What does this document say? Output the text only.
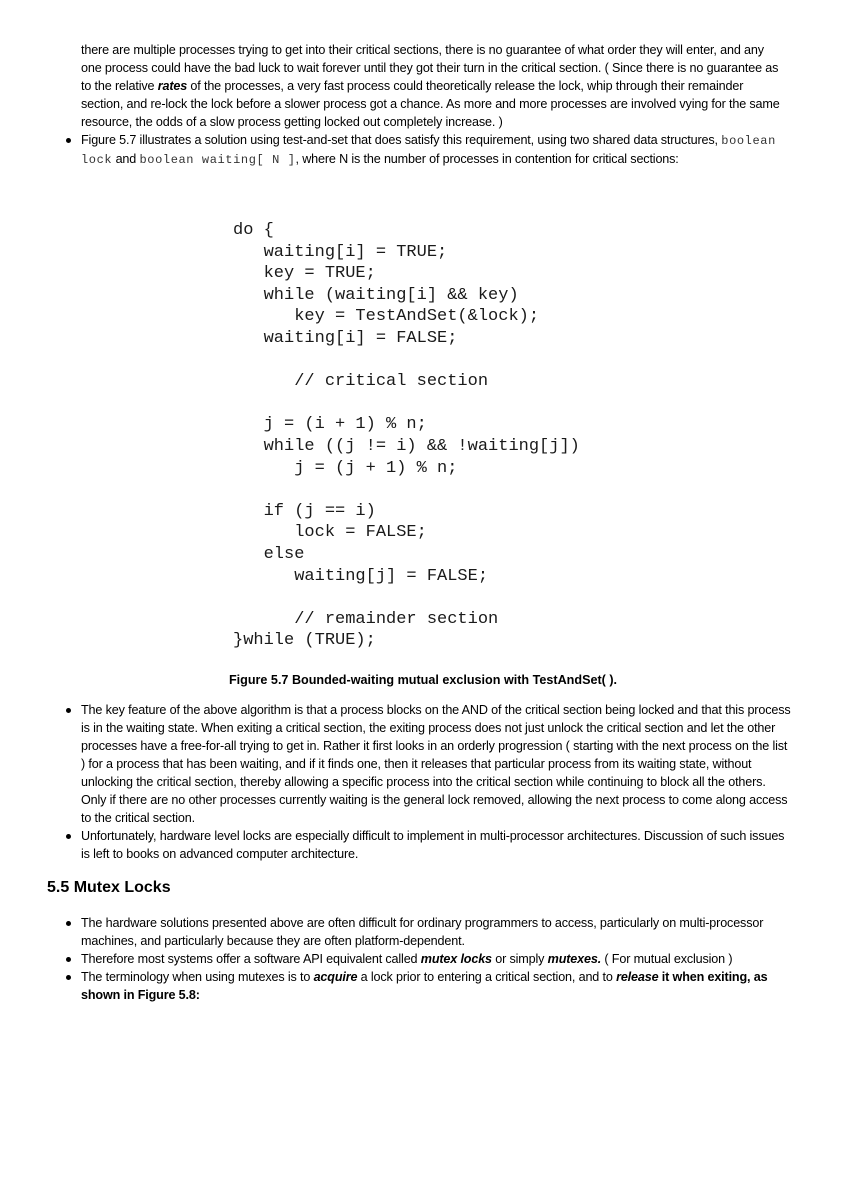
there are multiple processes trying to get into their critical sections, there is no guarantee of what order they will enter, and any one process could have the bad luck to wait forever until they got their turn in the critical section. ( Since there is no guarantee as to the relative rates of the processes, a very fast process could theoretically release the lock, whip through their remainder section, and re-lock the lock before a slower process got a chance. As more and more processes are involved vying for the same resource, the odds of a slow process getting locked out completely increase. )
Figure 5.7 illustrates a solution using test-and-set that does satisfy this requirement, using two shared data structures, boolean lock and boolean waiting[ N ], where N is the number of processes in contention for critical sections:
do {
waiting[i] = TRUE;
key = TRUE;
while (waiting[i] && key)
key = TestAndSet(&lock);
waiting[i] = FALSE;

// critical section

j = (i + 1) % n;
while ((j != i) && !waiting[j])
j = (j + 1) % n;

if (j == i)
lock = FALSE;
else
waiting[j] = FALSE;

// remainder section
}while (TRUE);
Figure 5.7 Bounded-waiting mutual exclusion with TestAndSet( ).
The key feature of the above algorithm is that a process blocks on the AND of the critical section being locked and that this process is in the waiting state. When exiting a critical section, the exiting process does not just unlock the critical section and let the other processes have a free-for-all trying to get in. Rather it first looks in an orderly progression ( starting with the next process on the list ) for a process that has been waiting, and if it finds one, then it releases that particular process from its waiting state, without unlocking the critical section, thereby allowing a specific process into the critical section while continuing to block all the others. Only if there are no other processes currently waiting is the general lock removed, allowing the next process to come along access to the critical section.
Unfortunately, hardware level locks are especially difficult to implement in multi-processor architectures. Discussion of such issues is left to books on advanced computer architecture.
5.5 Mutex Locks
The hardware solutions presented above are often difficult for ordinary programmers to access, particularly on multi-processor machines, and particularly because they are often platform-dependent.
Therefore most systems offer a software API equivalent called mutex locks or simply mutexes. ( For mutual exclusion )
The terminology when using mutexes is to acquire a lock prior to entering a critical section, and to release it when exiting, as shown in Figure 5.8:
